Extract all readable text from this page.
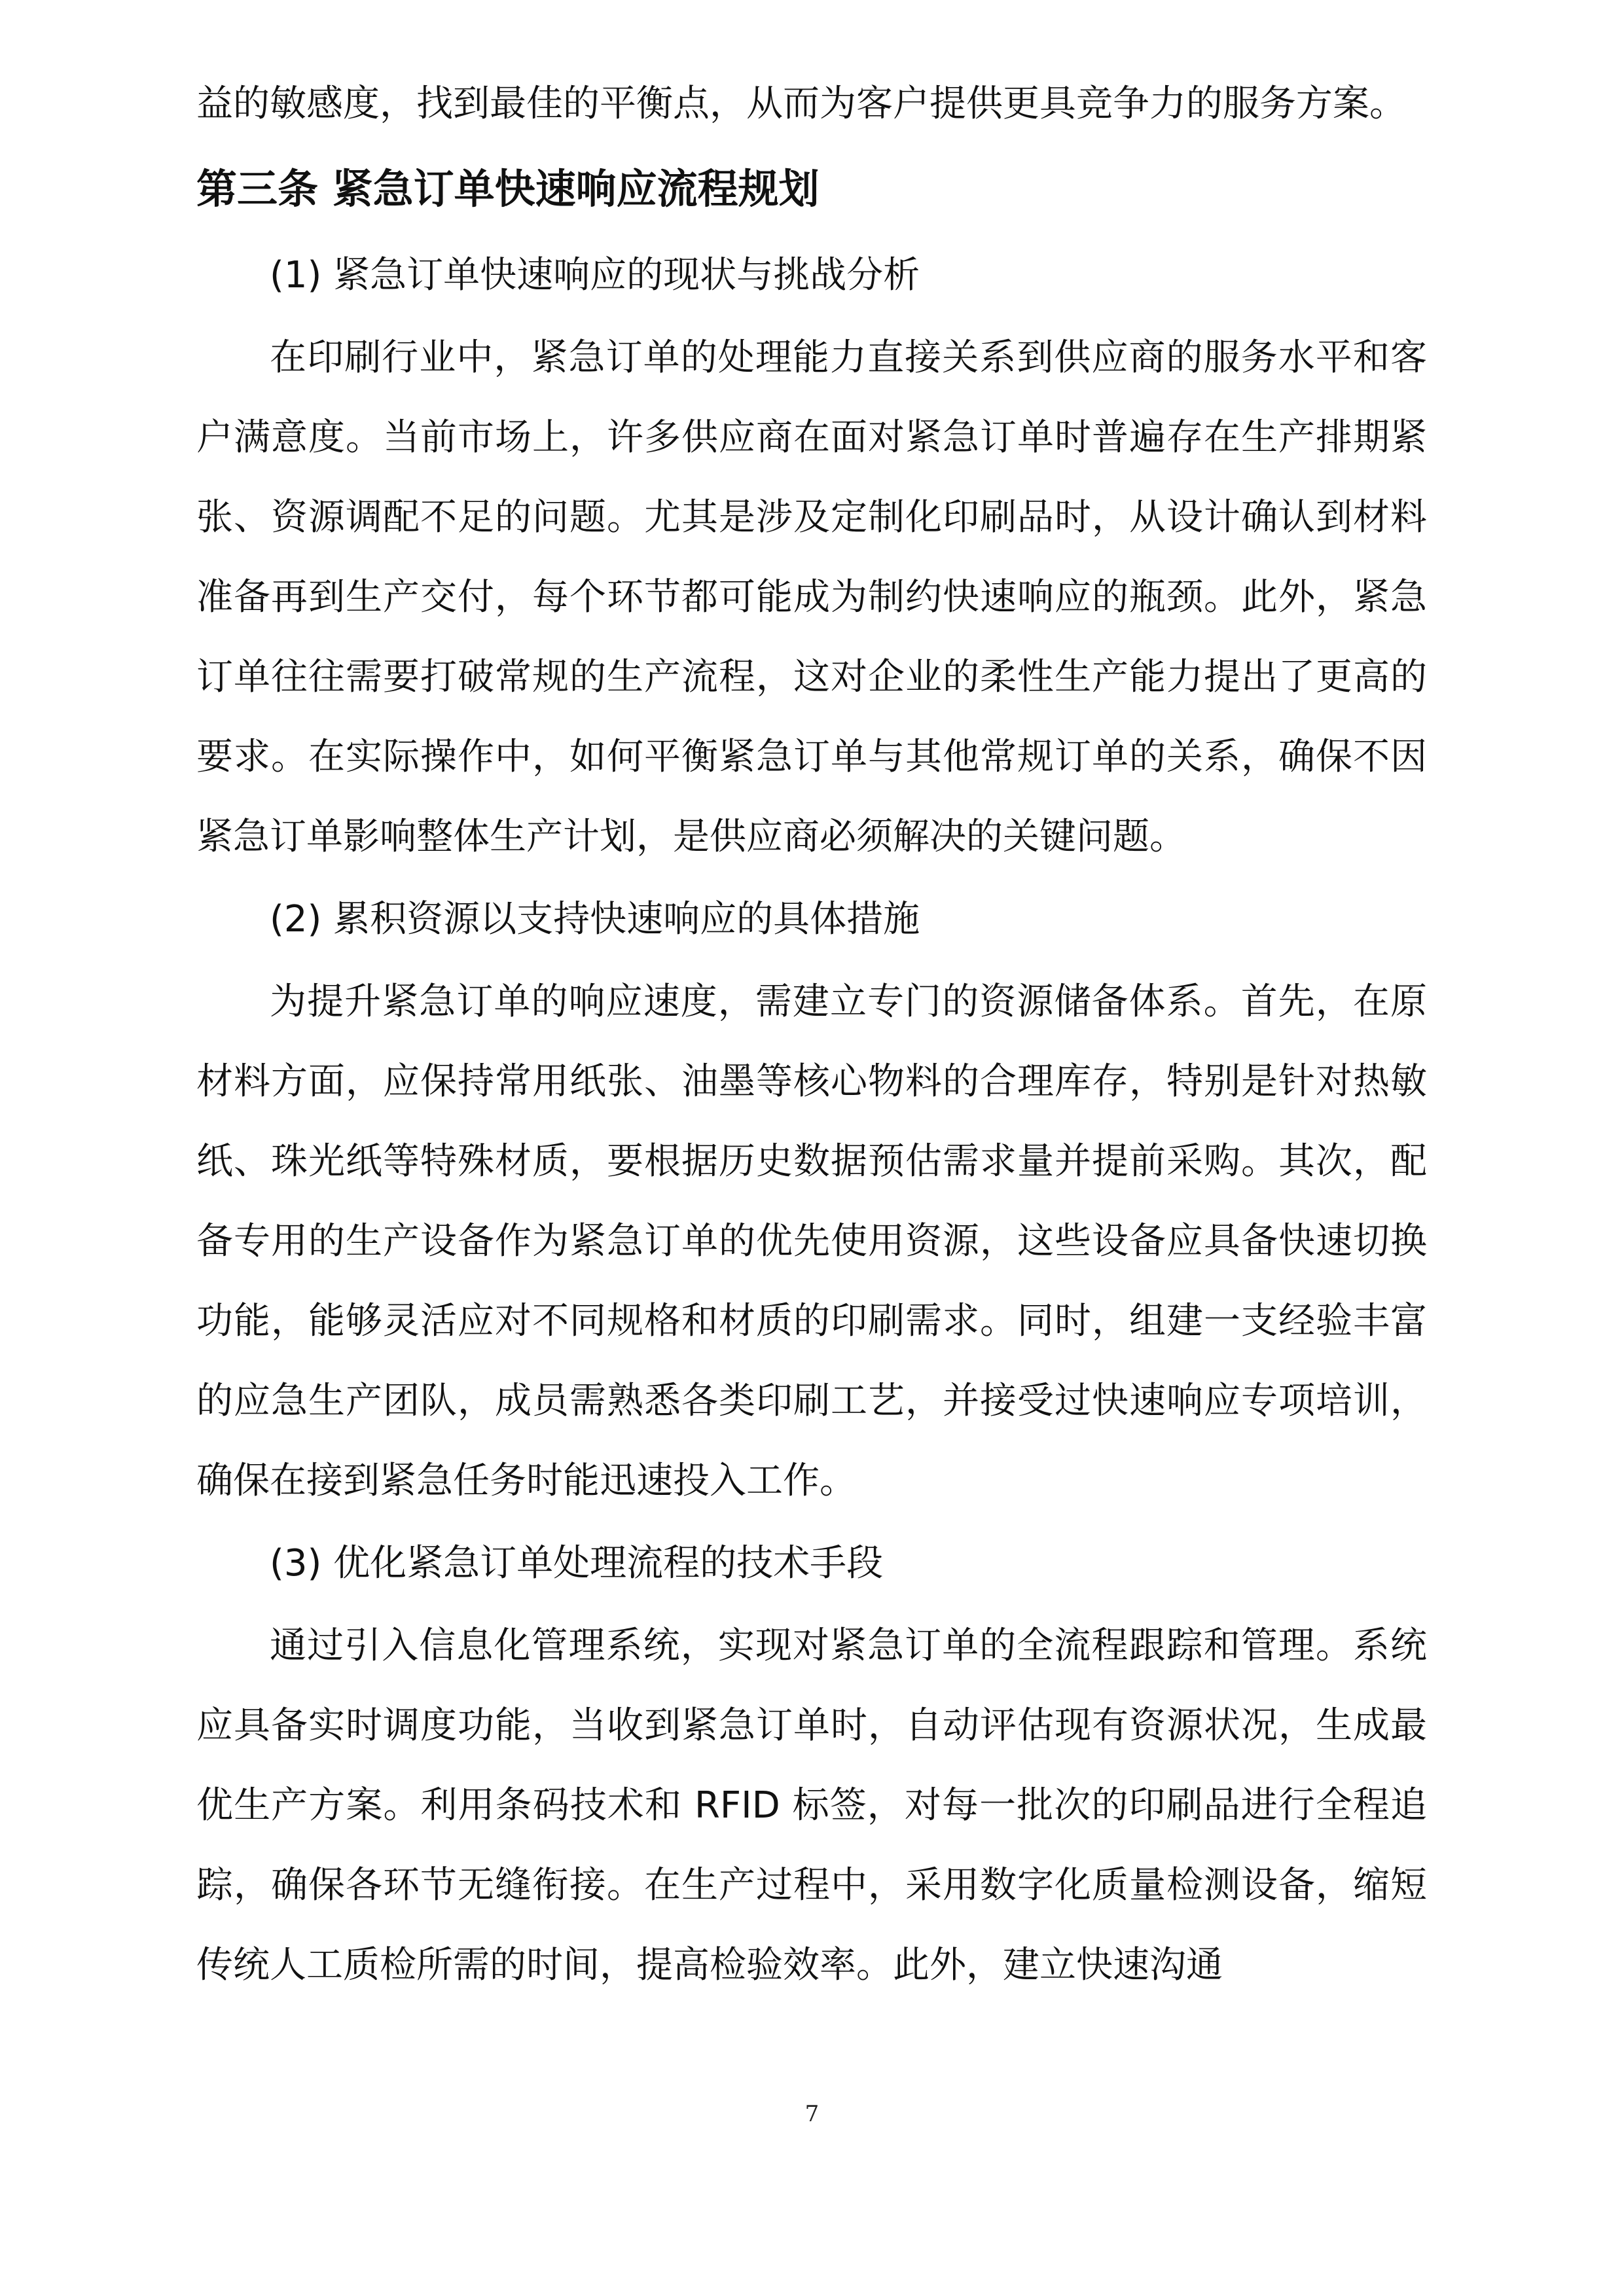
益的敏感度，找到最佳的平衡点，从而为客户提供更具竞争力的服务方案。

第三条 紧急订单快速响应流程规划

(1) 紧急订单快速响应的现状与挑战分析

在印刷行业中，紧急订单的处理能力直接关系到供应商的服务水平和客户满意度。当前市场上，许多供应商在面对紧急订单时普遍存在生产排期紧张、资源调配不足的问题。尤其是涉及定制化印刷品时，从设计确认到材料准备再到生产交付，每个环节都可能成为制约快速响应的瓶颈。此外，紧急订单往往需要打破常规的生产流程，这对企业的柔性生产能力提出了更高的要求。在实际操作中，如何平衡紧急订单与其他常规订单的关系，确保不因紧急订单影响整体生产计划，是供应商必须解决的关键问题。

(2) 累积资源以支持快速响应的具体措施

为提升紧急订单的响应速度，需建立专门的资源储备体系。首先，在原材料方面，应保持常用纸张、油墨等核心物料的合理库存，特别是针对热敏纸、珠光纸等特殊材质，要根据历史数据预估需求量并提前采购。其次，配备专用的生产设备作为紧急订单的优先使用资源，这些设备应具备快速切换功能，能够灵活应对不同规格和材质的印刷需求。同时，组建一支经验丰富的应急生产团队，成员需熟悉各类印刷工艺，并接受过快速响应专项培训，确保在接到紧急任务时能迅速投入工作。

(3) 优化紧急订单处理流程的技术手段

通过引入信息化管理系统，实现对紧急订单的全流程跟踪和管理。系统应具备实时调度功能，当收到紧急订单时，自动评估现有资源状况，生成最优生产方案。利用条码技术和 RFID 标签，对每一批次的印刷品进行全程追踪，确保各环节无缝衔接。在生产过程中，采用数字化质量检测设备，缩短传统人工质检所需的时间，提高检验效率。此外，建立快速沟通

7
